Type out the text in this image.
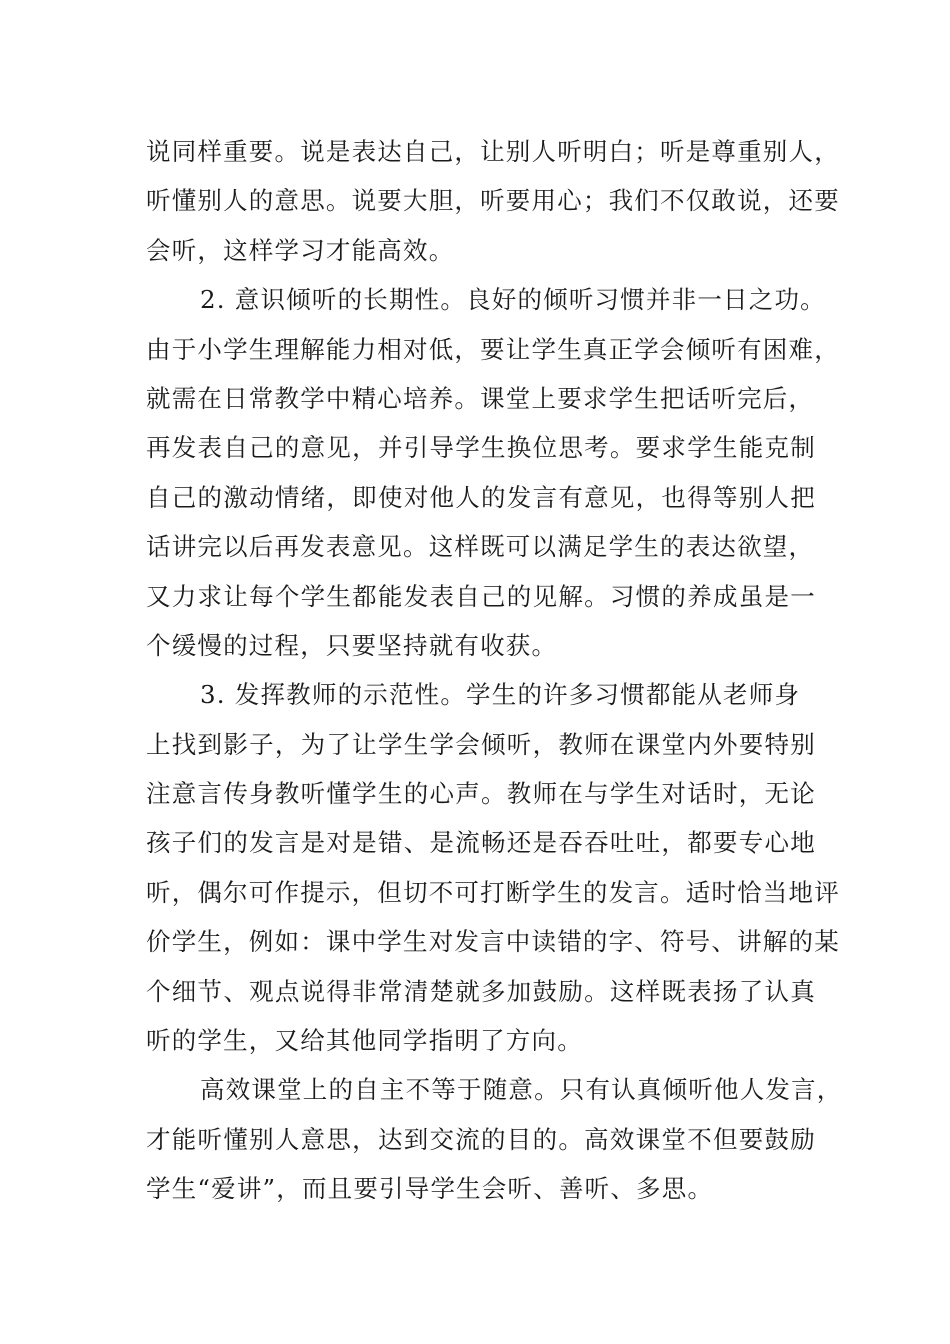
说同样重要。说是表达自己，让别人听明白；听是尊重别人，
听懂别人的意思。说要大胆，听要用心；我们不仅敢说，还要
会听，这样学习才能高效。
2. 意识倾听的长期性。良好的倾听习惯并非一日之功。
由于小学生理解能力相对低，要让学生真正学会倾听有困难，
就需在日常教学中精心培养。课堂上要求学生把话听完后，
再发表自己的意见，并引导学生换位思考。要求学生能克制
自己的激动情绪，即使对他人的发言有意见，也得等别人把
话讲完以后再发表意见。这样既可以满足学生的表达欲望，
又力求让每个学生都能发表自己的见解。习惯的养成虽是一
个缓慢的过程，只要坚持就有收获。
3. 发挥教师的示范性。学生的许多习惯都能从老师身
上找到影子，为了让学生学会倾听，教师在课堂内外要特别
注意言传身教听懂学生的心声。教师在与学生对话时，无论
孩子们的发言是对是错、是流畅还是吞吞吐吐，都要专心地
听，偶尔可作提示，但切不可打断学生的发言。适时恰当地评
价学生，例如：课中学生对发言中读错的字、符号、讲解的某
个细节、观点说得非常清楚就多加鼓励。这样既表扬了认真
听的学生，又给其他同学指明了方向。
高效课堂上的自主不等于随意。只有认真倾听他人发言，
才能听懂别人意思，达到交流的目的。高效课堂不但要鼓励
学生“爱讲”，而且要引导学生会听、善听、多思。
